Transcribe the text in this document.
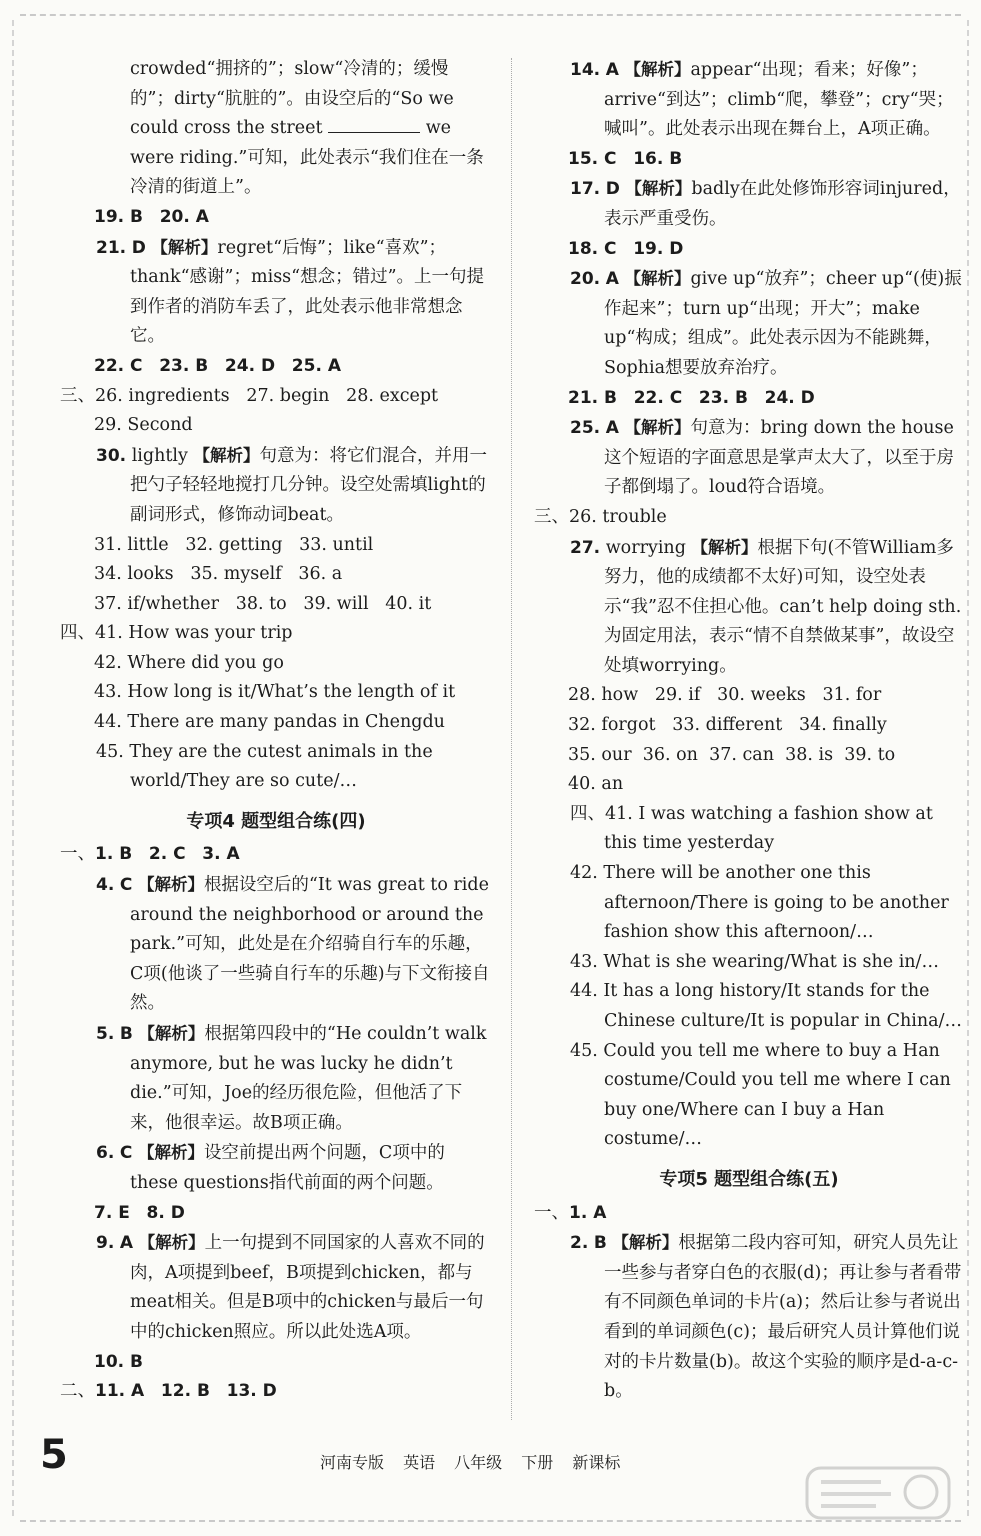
crowded“拥挤的”；slow“冷清的；缓慢的”；dirty“肮脏的”。由设空后的“So we could cross the street	we were riding.”可知，此处表示“我们住在一条冷清的街道上”。

19. B 20. A

21. D 【解析】regret“后悔”；like“喜欢”；thank“感谢”；miss“想念；错过”。上一句提到作者的消防车丢了，此处表示他非常想念它。

22. C 23. B 24. D 25. A

三、26. ingredients 27. begin 28. except

29. Second

30. lightly 【解析】句意为：将它们混合，并用一把勺子轻轻地搅打几分钟。设空处需填light的副词形式，修饰动词beat。

31. little 32. getting 33. until

34. looks 35. myself 36. a

37. if/whether 38. to 39. will 40. it

四、41. How was your trip

42. Where did you go

43. How long is it/What’s the length of it

44. There are many pandas in Chengdu

45. They are the cutest animals in the world/They are so cute/…

专项4 题型组合练(四)

一、1. B 2. C 3. A

4. C 【解析】根据设空后的“It was great to ride around the neighborhood or around the park.”可知，此处是在介绍骑自行车的乐趣，C项(他谈了一些骑自行车的乐趣)与下文衔接自然。

5. B 【解析】根据第四段中的“He couldn’t walk anymore, but he was lucky he didn’t die.”可知，Joe的经历很危险，但他活了下来，他很幸运。故B项正确。

6. C 【解析】设空前提出两个问题，C项中的these questions指代前面的两个问题。

7. E 8. D

9. A 【解析】上一句提到不同国家的人喜欢不同的肉，A项提到beef，B项提到chicken，都与meat相关。但是B项中的chicken与最后一句中的chicken照应。所以此处选A项。

10. B

二、11. A 12. B 13. D

14. A 【解析】appear“出现；看来；好像”；arrive“到达”；climb“爬，攀登”；cry“哭；喊叫”。此处表示出现在舞台上，A项正确。

15. C 16. B

17. D 【解析】badly在此处修饰形容词injured，表示严重受伤。

18. C 19. D

20. A 【解析】give up“放弃”；cheer up“(使)振作起来”；turn up“出现；开大”；make up“构成；组成”。此处表示因为不能跳舞，Sophia想要放弃治疗。

21. B 22. C 23. B 24. D

25. A 【解析】句意为：bring down the house这个短语的字面意思是掌声太大了，以至于房子都倒塌了。loud符合语境。

三、26. trouble

27. worrying 【解析】根据下句(不管William多努力，他的成绩都不太好)可知，设空处表示“我”忍不住担心他。can’t help doing sth.为固定用法，表示“情不自禁做某事”，故设空处填worrying。

28. how 29. if 30. weeks 31. for

32. forgot 33. different 34. finally

35. our 36. on 37. can 38. is 39. to

40. an

四、41. I was watching a fashion show at this time yesterday

42. There will be another one this afternoon/There is going to be another fashion show this afternoon/…

43. What is she wearing/What is she in/…

44. It has a long history/It stands for the Chinese culture/It is popular in China/…

45. Could you tell me where to buy a Han costume/Could you tell me where I can buy one/Where can I buy a Han costume/…

专项5 题型组合练(五)

一、1. A

2. B 【解析】根据第二段内容可知，研究人员先让一些参与者穿白色的衣服(d)；再让参与者看带有不同颜色单词的卡片(a)；然后让参与者说出看到的单词颜色(c)；最后研究人员计算他们说对的卡片数量(b)。故这个实验的顺序是d-a-c-b。

5	河南专版 英语 八年级 下册 新课标
